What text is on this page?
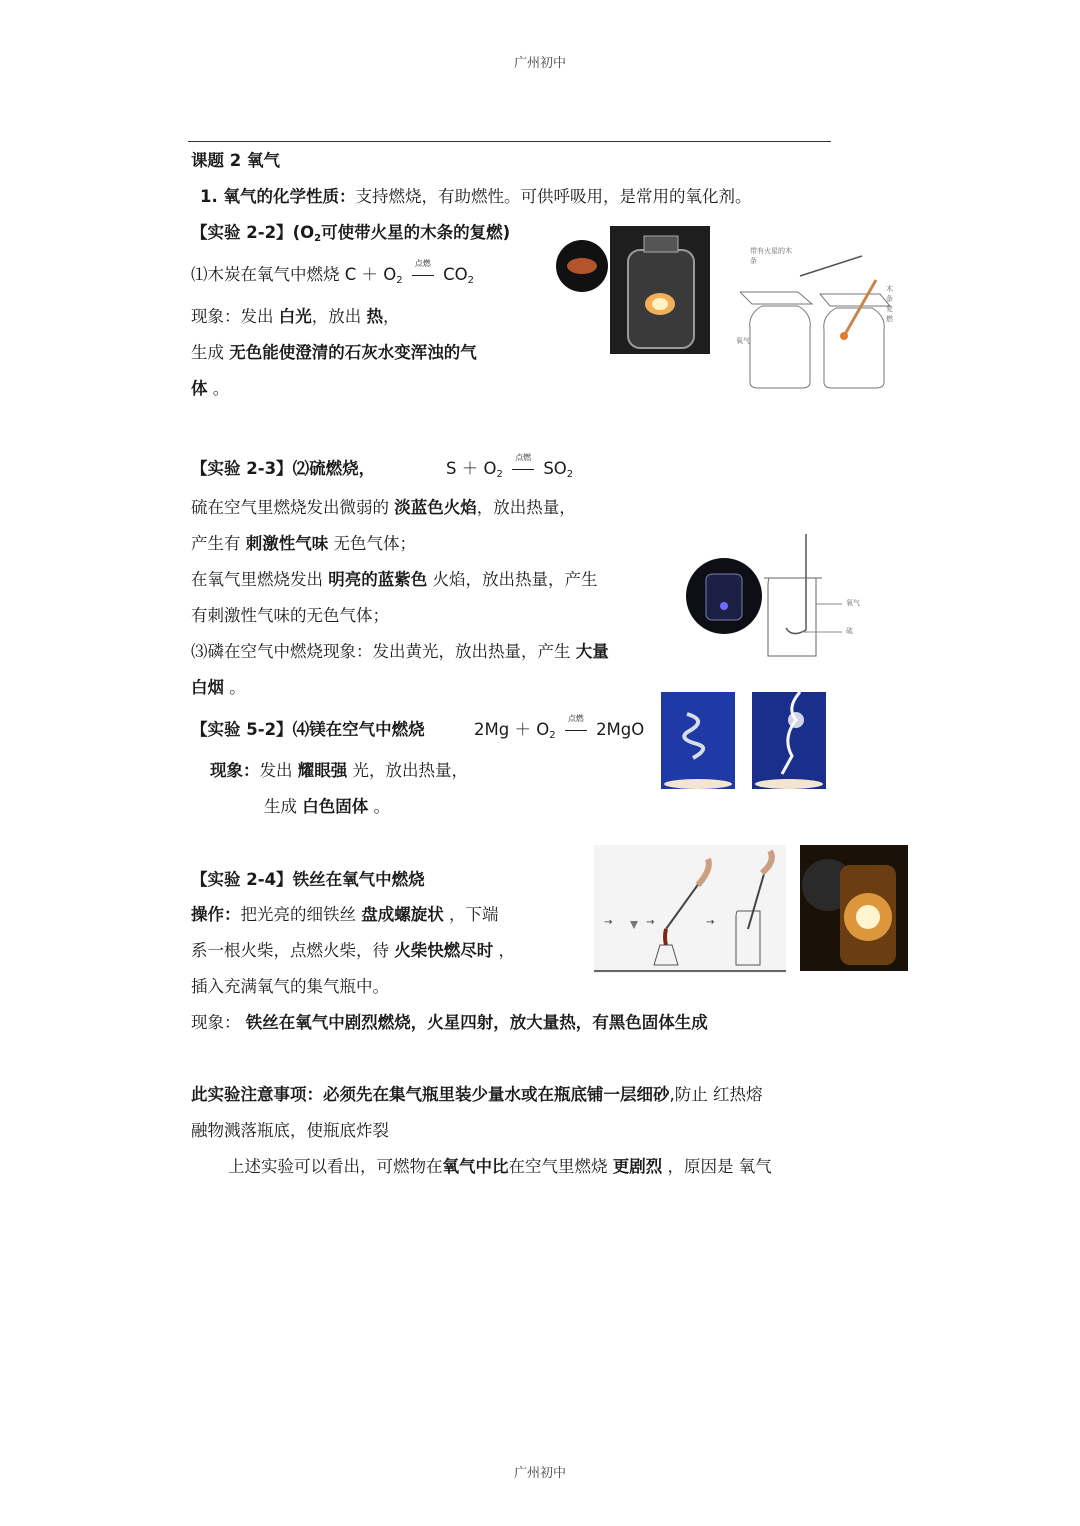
广州初中
课题 2 氧气
1. 氧气的化学性质：支持燃烧，有助燃性。可供呼吸用，是常用的氧化剂。
【实验 2-2】($O_2$可使带火星的木条的复燃)
⑴木炭在氧气中燃烧 $C + O_2$
点燃
$CO_2$
现象：发出 白光，放出 热，
生成 无色能使澄清的石灰水变浑浊的气
体 。
带有火星的木条
氧气
木条复燃
【实验 2-3】⑵硫燃烧，	$S + O_2$
点燃
$SO_2$
硫在空气里燃烧发出微弱的 淡蓝色火焰，放出热量，
产生有 刺激性气味 无色气体；
在氧气里燃烧发出 明亮的蓝紫色 火焰，放出热量，产生
有刺激性气味的无色气体；
⑶磷在空气中燃烧现象：发出黄光，放出热量，产生 大量
白烟 。
氧气
硫
【实验 5-2】⑷镁在空气中燃烧	$2Mg + O_2$
点燃
2MgO
现象：发出 耀眼强 光，放出热量，
生成 白色固体 。
【实验 2-4】铁丝在氧气中燃烧
操作：把光亮的细铁丝 盘成螺旋状 ，下端
系一根火柴，点燃火柴，待 火柴快燃尽时 ，
插入充满氧气的集气瓶中。
现象： 铁丝在氧气中剧烈燃烧，火星四射，放大量热，有黑色固体生成
→	→	→
此实验注意事项：必须先在集气瓶里装少量水或在瓶底铺一层细砂,防止 红热熔
融物溅落瓶底，使瓶底炸裂
上述实验可以看出，可燃物在氧气中比在空气里燃烧 更剧烈 ，原因是 氧气
广州初中
